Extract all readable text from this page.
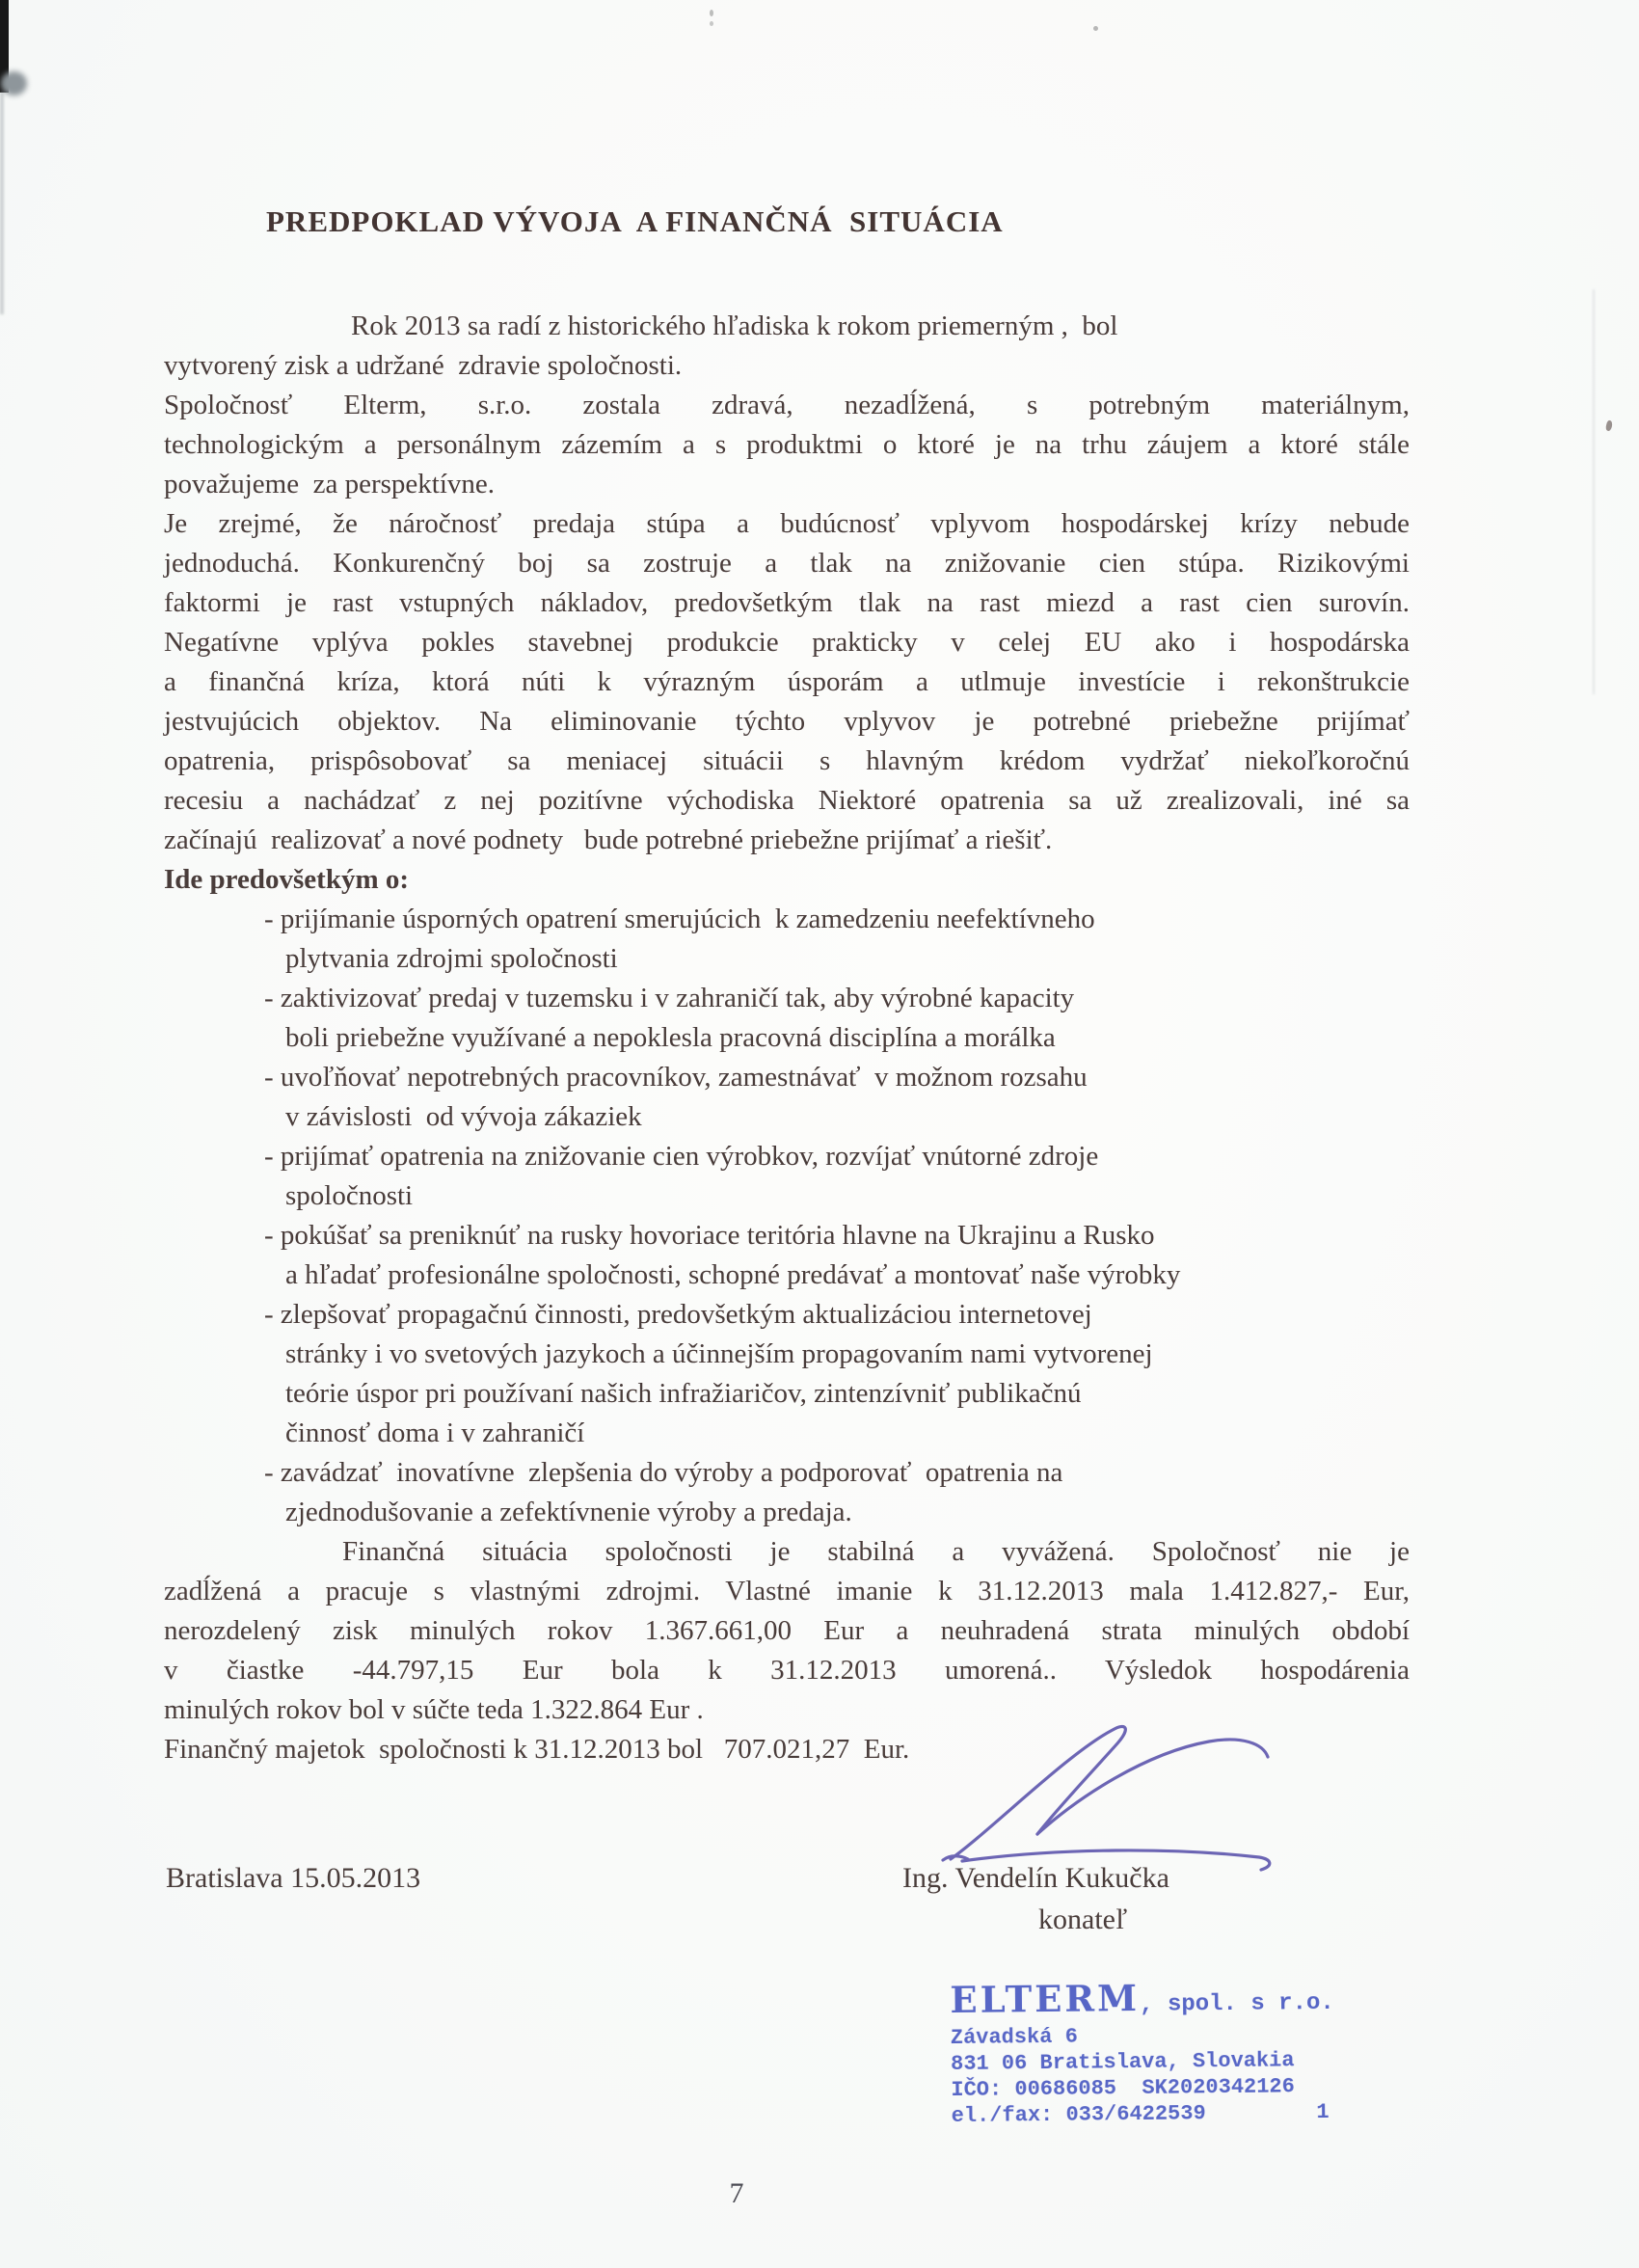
PREDPOKLAD VÝVOJA  A FINANČNÁ  SITUÁCIA
Rok 2013 sa radí z historického hľadiska k rokom priemerným ,  bol
vytvorený zisk a udržané  zdravie spoločnosti.
Spoločnosť Elterm, s.r.o. zostala zdravá, nezadĺžená, s potrebným materiálnym,
technologickým a personálnym zázemím a s produktmi o ktoré je na trhu záujem a ktoré stále
považujeme  za perspektívne.
Je zrejmé, že náročnosť predaja stúpa a budúcnosť vplyvom hospodárskej krízy nebude
jednoduchá. Konkurenčný boj sa zostruje a tlak na znižovanie cien stúpa. Rizikovými
faktormi je rast vstupných nákladov, predovšetkým tlak na rast miezd a rast cien surovín.
Negatívne vplýva pokles stavebnej produkcie prakticky v celej EU ako i hospodárska
a finančná kríza, ktorá núti k výrazným úsporám a utlmuje investície i rekonštrukcie
jestvujúcich objektov. Na eliminovanie týchto vplyvov je potrebné priebežne prijímať
opatrenia, prispôsobovať sa meniacej situácii s hlavným krédom vydržať niekoľkoročnú
recesiu a nachádzať z nej pozitívne východiska Niektoré opatrenia sa už zrealizovali, iné sa
začínajú  realizovať a nové podnety   bude potrebné priebežne prijímať a riešiť.
Ide predovšetkým o:
- prijímanie úsporných opatrení smerujúcich  k zamedzeniu neefektívneho
plytvania zdrojmi spoločnosti
- zaktivizovať predaj v tuzemsku i v zahraničí tak, aby výrobné kapacity
boli priebežne využívané a nepoklesla pracovná disciplína a morálka
- uvoľňovať nepotrebných pracovníkov, zamestnávať  v možnom rozsahu
v závislosti  od vývoja zákaziek
- prijímať opatrenia na znižovanie cien výrobkov, rozvíjať vnútorné zdroje
spoločnosti
- pokúšať sa preniknúť na rusky hovoriace teritória hlavne na Ukrajinu a Rusko
a hľadať profesionálne spoločnosti, schopné predávať a montovať naše výrobky
- zlepšovať propagačnú činnosti, predovšetkým aktualizáciou internetovej
stránky i vo svetových jazykoch a účinnejším propagovaním nami vytvorenej
teórie úspor pri používaní našich infražiaričov, zintenzívniť publikačnú
činnosť doma i v zahraničí
- zavádzať  inovatívne  zlepšenia do výroby a podporovať  opatrenia na
zjednodušovanie a zefektívnenie výroby a predaja.
Finančná situácia spoločnosti je stabilná a vyvážená. Spoločnosť nie je
zadĺžená a pracuje s vlastnými zdrojmi. Vlastné imanie k 31.12.2013 mala 1.412.827,- Eur,
nerozdelený zisk minulých rokov 1.367.661,00 Eur a neuhradená strata minulých období
v čiastke -44.797,15 Eur bola k 31.12.2013 umorená.. Výsledok hospodárenia
minulých rokov bol v súčte teda 1.322.864 Eur .
Finančný majetok  spoločnosti k 31.12.2013 bol   707.021,27  Eur.
Bratislava 15.05.2013	Ing. Vendelín Kukučka
konateľ
ELTERM, spol. s r.o.
Závadská 6
831 06 Bratislava, Slovakia
IČO: 00686085  SK2020342126
el./fax: 033/6422539	1
7
